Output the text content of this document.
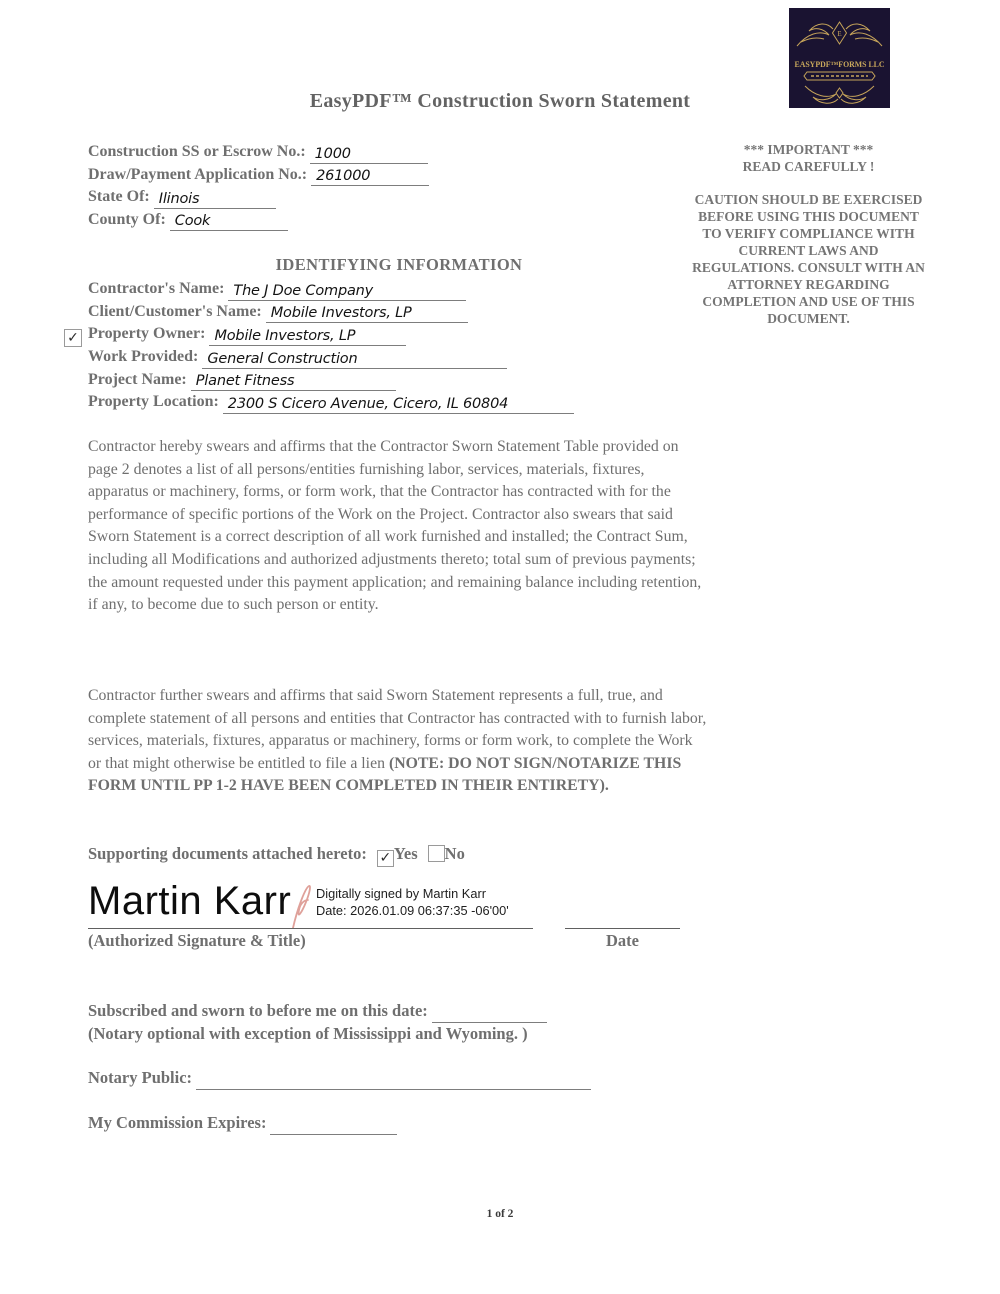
E
EASYPDF™FORMS LLC
EasyPDF™ Construction Sworn Statement
Construction SS or Escrow No.: 1000
Draw/Payment Application No.: 261000
State Of: Ilinois
County Of: Cook
*** IMPORTANT ***
READ CAREFULLY !
CAUTION SHOULD BE EXERCISED BEFORE USING THIS DOCUMENT TO VERIFY COMPLIANCE WITH CURRENT LAWS AND REGULATIONS. CONSULT WITH AN ATTORNEY REGARDING COMPLETION AND USE OF THIS DOCUMENT.
IDENTIFYING INFORMATION
Contractor's Name: The J Doe Company
Client/Customer's Name: Mobile Investors, LP
✓ Property Owner: Mobile Investors, LP
Work Provided: General Construction
Project Name: Planet Fitness
Property Location: 2300 S Cicero Avenue, Cicero, IL 60804
Contractor hereby swears and affirms that the Contractor Sworn Statement Table provided on page 2 denotes a list of all persons/entities furnishing labor, services, materials, fixtures, apparatus or machinery, forms, or form work, that the Contractor has contracted with for the performance of specific portions of the Work on the Project. Contractor also swears that said Sworn Statement is a correct description of all work furnished and installed; the Contract Sum, including all Modifications and authorized adjustments thereto; total sum of previous payments; the amount requested under this payment application; and remaining balance including retention, if any, to become due to such person or entity.
Contractor further swears and affirms that said Sworn Statement represents a full, true, and complete statement of all persons and entities that Contractor has contracted with to furnish labor, services, materials, fixtures, apparatus or machinery, forms or form work, to complete the Work or that might otherwise be entitled to file a lien (NOTE: DO NOT SIGN/NOTARIZE THIS FORM UNTIL PP 1-2 HAVE BEEN COMPLETED IN THEIR ENTIRETY).
Supporting documents attached hereto: ✓ Yes No
Martin Karr Digitally signed by Martin Karr
Date: 2026.01.09 06:37:35 -06'00'
(Authorized Signature & Title)	Date
Subscribed and sworn to before me on this date:
(Notary optional with exception of Mississippi and Wyoming. )
Notary Public:
My Commission Expires:
1 of 2
